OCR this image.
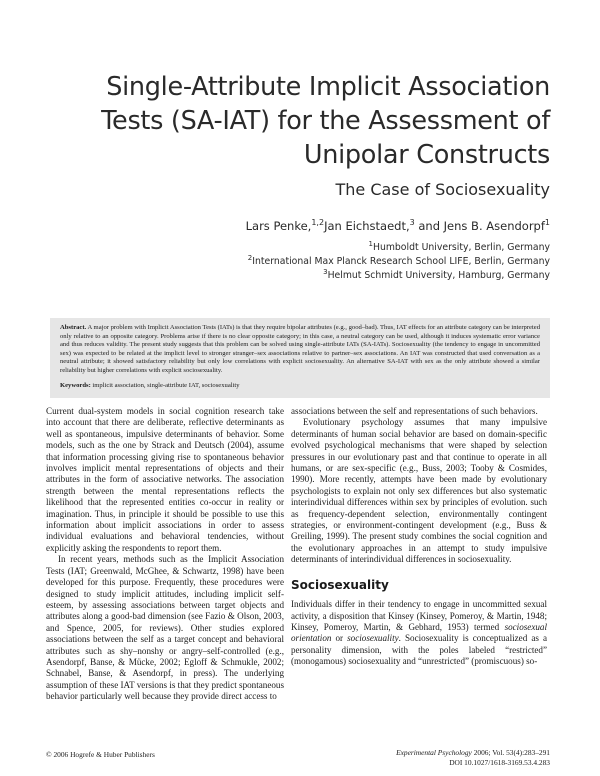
Single-Attribute Implicit Association
Tests (SA-IAT) for the Assessment of
Unipolar Constructs
The Case of Sociosexuality
Lars Penke,$^{1,2}$Jan Eichstaedt,$^3$ and Jens B. Asendorpf$^1$
$^1$Humboldt University, Berlin, Germany
$^2$International Max Planck Research School LIFE, Berlin, Germany
$^3$Helmut Schmidt University, Hamburg, Germany

Abstract. A major problem with Implicit Association Tests (IATs) is that they require bipolar attributes (e.g., good–bad). Thus, IAT effects for an attribute category can be interpreted only relative to an opposite category. Problems arise if there is no clear opposite category; in this case, a neutral category can be used, although it induces systematic error variance and thus reduces validity. The present study suggests that this problem can be solved using single-attribute IATs (SA-IATs). Sociosexuality (the tendency to engage in uncommitted sex) was expected to be related at the implicit level to stronger stranger–sex associations relative to partner–sex associations. An IAT was constructed that used conversation as a neutral attribute; it showed satisfactory reliability but only low correlations with explicit sociosexuality. An alternative SA-IAT with sex as the only attribute showed a similar reliability but higher correlations with explicit sociosexuality.

Keywords: implicit association, single-attribute IAT, sociosexuality

Current dual-system models in social cognition research take into account that there are deliberate, reflective determinants as well as spontaneous, impulsive determinants of behavior. Some models, such as the one by Strack and Deutsch (2004), assume that information processing giving rise to spontaneous behavior involves implicit mental representations of objects and their attributes in the form of associative networks. The association strength between the mental representations reflects the likelihood that the represented entities co-occur in reality or imagination. Thus, in principle it should be possible to use this information about implicit associations in order to assess individual evaluations and behavioral tendencies, without explicitly asking the respondents to report them.

In recent years, methods such as the Implicit Association Tests (IAT; Greenwald, McGhee, & Schwartz, 1998) have been developed for this purpose. Frequently, these procedures were designed to study implicit attitudes, including implicit self-esteem, by assessing associations between target objects and attributes along a good-bad dimension (see Fazio & Olson, 2003, and Spence, 2005, for reviews). Other studies explored associations between the self as a target concept and behavioral attributes such as shy–nonshy or angry–self-controlled (e.g., Asendorpf, Banse, & Mücke, 2002; Egloff & Schmukle, 2002; Schnabel, Banse, & Asendorpf, in press). The underlying assumption of these IAT versions is that they predict spontaneous behavior particularly well because they provide direct access to

associations between the self and representations of such behaviors.

Evolutionary psychology assumes that many impulsive determinants of human social behavior are based on domain-specific evolved psychological mechanisms that were shaped by selection pressures in our evolutionary past and that continue to operate in all humans, or are sex-specific (e.g., Buss, 2003; Tooby & Cosmides, 1990). More recently, attempts have been made by evolutionary psychologists to explain not only sex differences but also systematic interindividual differences within sex by principles of evolution. such as frequency-dependent selection, environmentally contingent strategies, or environment-contingent development (e.g., Buss & Greiling, 1999). The present study combines the social cognition and the evolutionary approaches in an attempt to study impulsive determinants of interindividual differences in sociosexuality.

Sociosexuality

Individuals differ in their tendency to engage in uncommitted sexual activity, a disposition that Kinsey (Kinsey, Pomeroy, & Martin, 1948; Kinsey, Pomeroy, Martin, & Gebhard, 1953) termed sociosexual orientation or sociosexuality. Sociosexuality is conceptualized as a personality dimension, with the poles labeled “restricted” (monogamous) sociosexuality and “unrestricted” (promiscuous) so-

© 2006 Hogrefe & Huber Publishers	Experimental Psychology 2006; Vol. 53(4):283–291
DOI 10.1027/1618-3169.53.4.283
